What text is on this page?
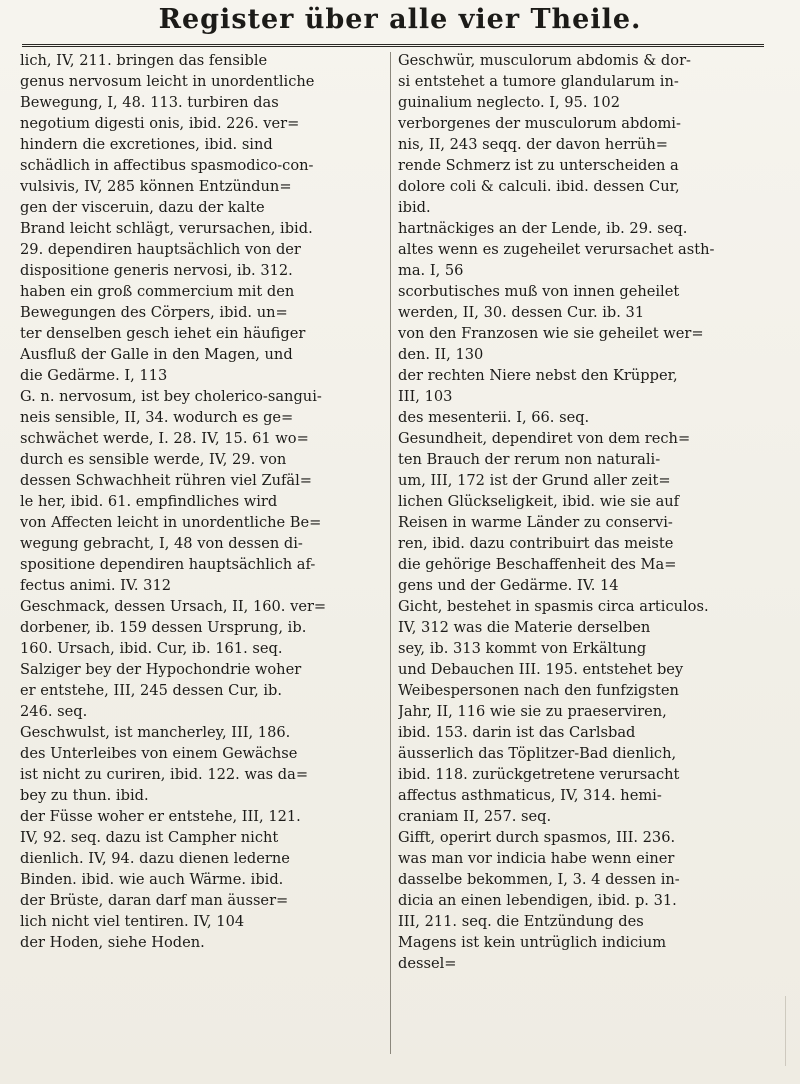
Register über alle vier Theile.
lich, IV, 211. bringen das fensible
genus nervosum leicht in unordentliche
Bewegung, I, 48. 113. turbiren das
negotium digesti onis, ibid. 226. ver=
hindern die excretiones, ibid. sind
schädlich in affectibus spasmodico-con-
vulsivis, IV, 285 können Entzündun=
gen der visceruin, dazu der kalte
Brand leicht schlägt, verursachen, ibid.
29. dependiren hauptsächlich von der
dispositione generis nervosi, ib. 312.
haben ein groß commercium mit den
Bewegungen des Cörpers, ibid. un=
ter denselben gesch iehet ein häufiger
Ausfluß der Galle in den Magen, und
die Gedärme. I, 113
G. n. nervosum, ist bey cholerico-sangui-
neis sensible, II, 34. wodurch es ge=
schwächet werde, I. 28. IV, 15. 61 wo=
durch es sensible werde, IV, 29. von
dessen Schwachheit rühren viel Zufäl=
le her, ibid. 61. empfindliches wird
von Affecten leicht in unordentliche Be=
wegung gebracht, I, 48 von dessen di-
spositione dependiren hauptsächlich af-
fectus animi. IV. 312
Geschmack, dessen Ursach, II, 160. ver=
dorbener, ib. 159 dessen Ursprung, ib.
160. Ursach, ibid. Cur, ib. 161. seq.
Salziger bey der Hypochondrie woher
er entstehe, III, 245 dessen Cur, ib.
246. seq.
Geschwulst, ist mancherley, III, 186.
des Unterleibes von einem Gewächse
ist nicht zu curiren, ibid. 122. was da=
bey zu thun. ibid.
der Füsse woher er entstehe, III, 121.
IV, 92. seq. dazu ist Campher nicht
dienlich. IV, 94. dazu dienen lederne
Binden. ibid. wie auch Wärme. ibid.
der Brüste, daran darf man äusser=
lich nicht viel tentiren. IV, 104
der Hoden, siehe Hoden.
Geschwür, musculorum abdomis & dor-
si entstehet a tumore glandularum in-
guinalium neglecto. I, 95. 102
verborgenes der musculorum abdomi-
nis, II, 243 seqq. der davon herrüh=
rende Schmerz ist zu unterscheiden a
dolore coli & calculi. ibid. dessen Cur,
ibid.
hartnäckiges an der Lende, ib. 29. seq.
altes wenn es zugeheilet verursachet asth-
ma. I, 56
scorbutisches muß von innen geheilet
werden, II, 30. dessen Cur. ib. 31
von den Franzosen wie sie geheilet wer=
den. II, 130
der rechten Niere nebst den Krüpper,
III, 103
des mesenterii. I, 66. seq.
Gesundheit, dependiret von dem rech=
ten Brauch der rerum non naturali-
um, III, 172 ist der Grund aller zeit=
lichen Glückseligkeit, ibid. wie sie auf
Reisen in warme Länder zu conservi-
ren, ibid. dazu contribuirt das meiste
die gehörige Beschaffenheit des Ma=
gens und der Gedärme. IV. 14
Gicht, bestehet in spasmis circa articulos.
IV, 312 was die Materie derselben
sey, ib. 313 kommt von Erkältung
und Debauchen III. 195. entstehet bey
Weibespersonen nach den funfzigsten
Jahr, II, 116 wie sie zu praeserviren,
ibid. 153. darin ist das Carlsbad
äusserlich das Töplitzer-Bad dienlich,
ibid. 118. zurückgetretene verursacht
affectus asthmaticus, IV, 314. hemi-
craniam II, 257. seq.
Gifft, operirt durch spasmos, III. 236.
was man vor indicia habe wenn einer
dasselbe bekommen, I, 3. 4 dessen in-
dicia an einen lebendigen, ibid. p. 31.
III, 211. seq. die Entzündung des
Magens ist kein untrüglich indicium
dessel=
